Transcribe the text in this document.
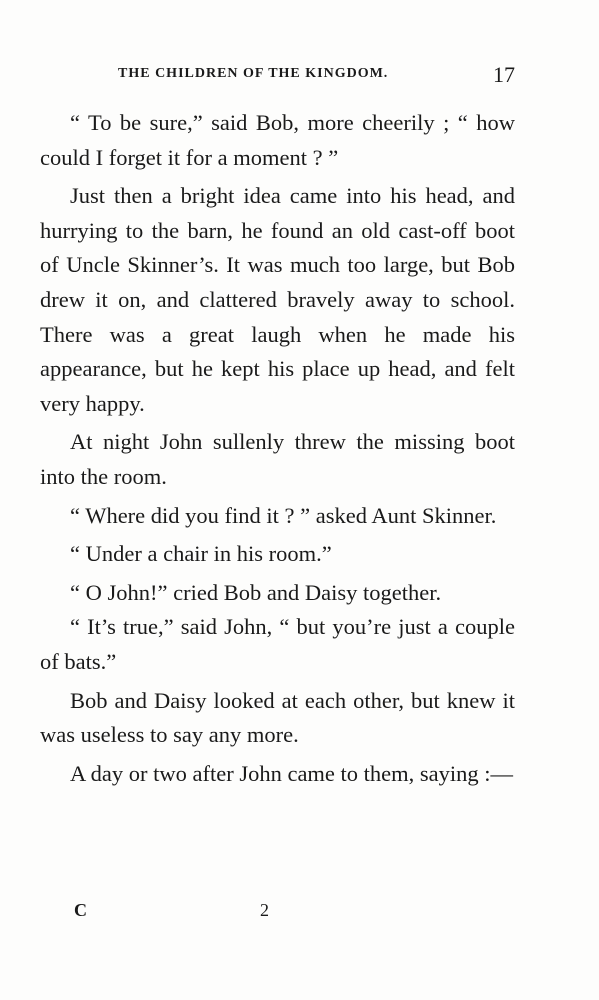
THE CHILDREN OF THE KINGDOM.	17

“ To be sure,” said Bob, more cheerily ; “ how could I forget it for a moment ? ”

Just then a bright idea came into his head, and hurrying to the barn, he found an old cast-off boot of Uncle Skinner’s. It was much too large, but Bob drew it on, and clattered bravely away to school. There was a great laugh when he made his appearance, but he kept his place up head, and felt very happy.

At night John sullenly threw the missing boot into the room.

“ Where did you find it ? ” asked Aunt Skinner.

“ Under a chair in his room.”

“ O John!” cried Bob and Daisy together.

“ It’s true,” said John, “ but you’re just a couple of bats.”

Bob and Daisy looked at each other, but knew it was useless to say any more.

A day or two after John came to them, saying :—

C	2
